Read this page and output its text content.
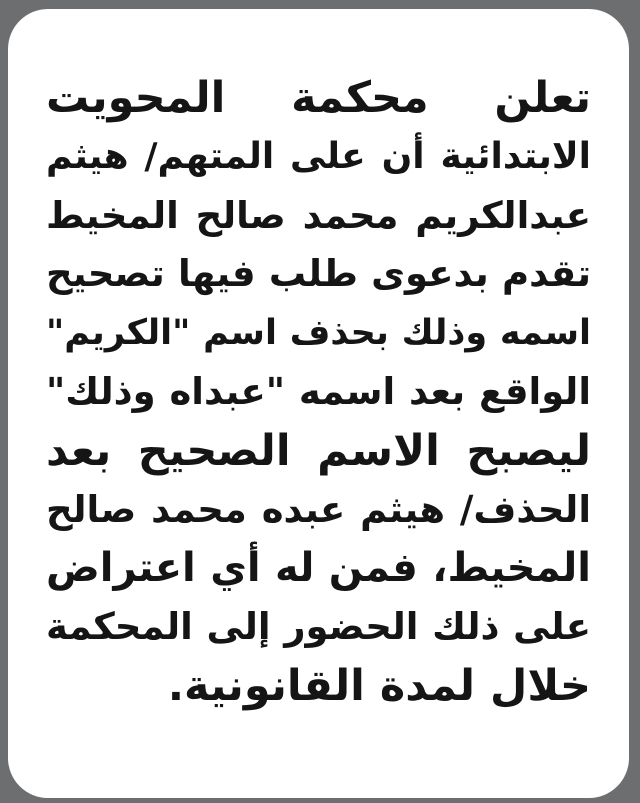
تعلن محكمة المحويت
الابتدائية أن على المتهم/ هيثم
عبدالكريم محمد صالح المخيط
تقدم بدعوى طلب فيها تصحيح
اسمه وذلك بحذف اسم "الكريم"
الواقع بعد اسمه "عبداه وذلك"
ليصبح الاسم الصحيح بعد
الحذف/ هيثم عبده محمد صالح
المخيط، فمن له أي اعتراض
على ذلك الحضور إلى المحكمة
خلال لمدة القانونية.
